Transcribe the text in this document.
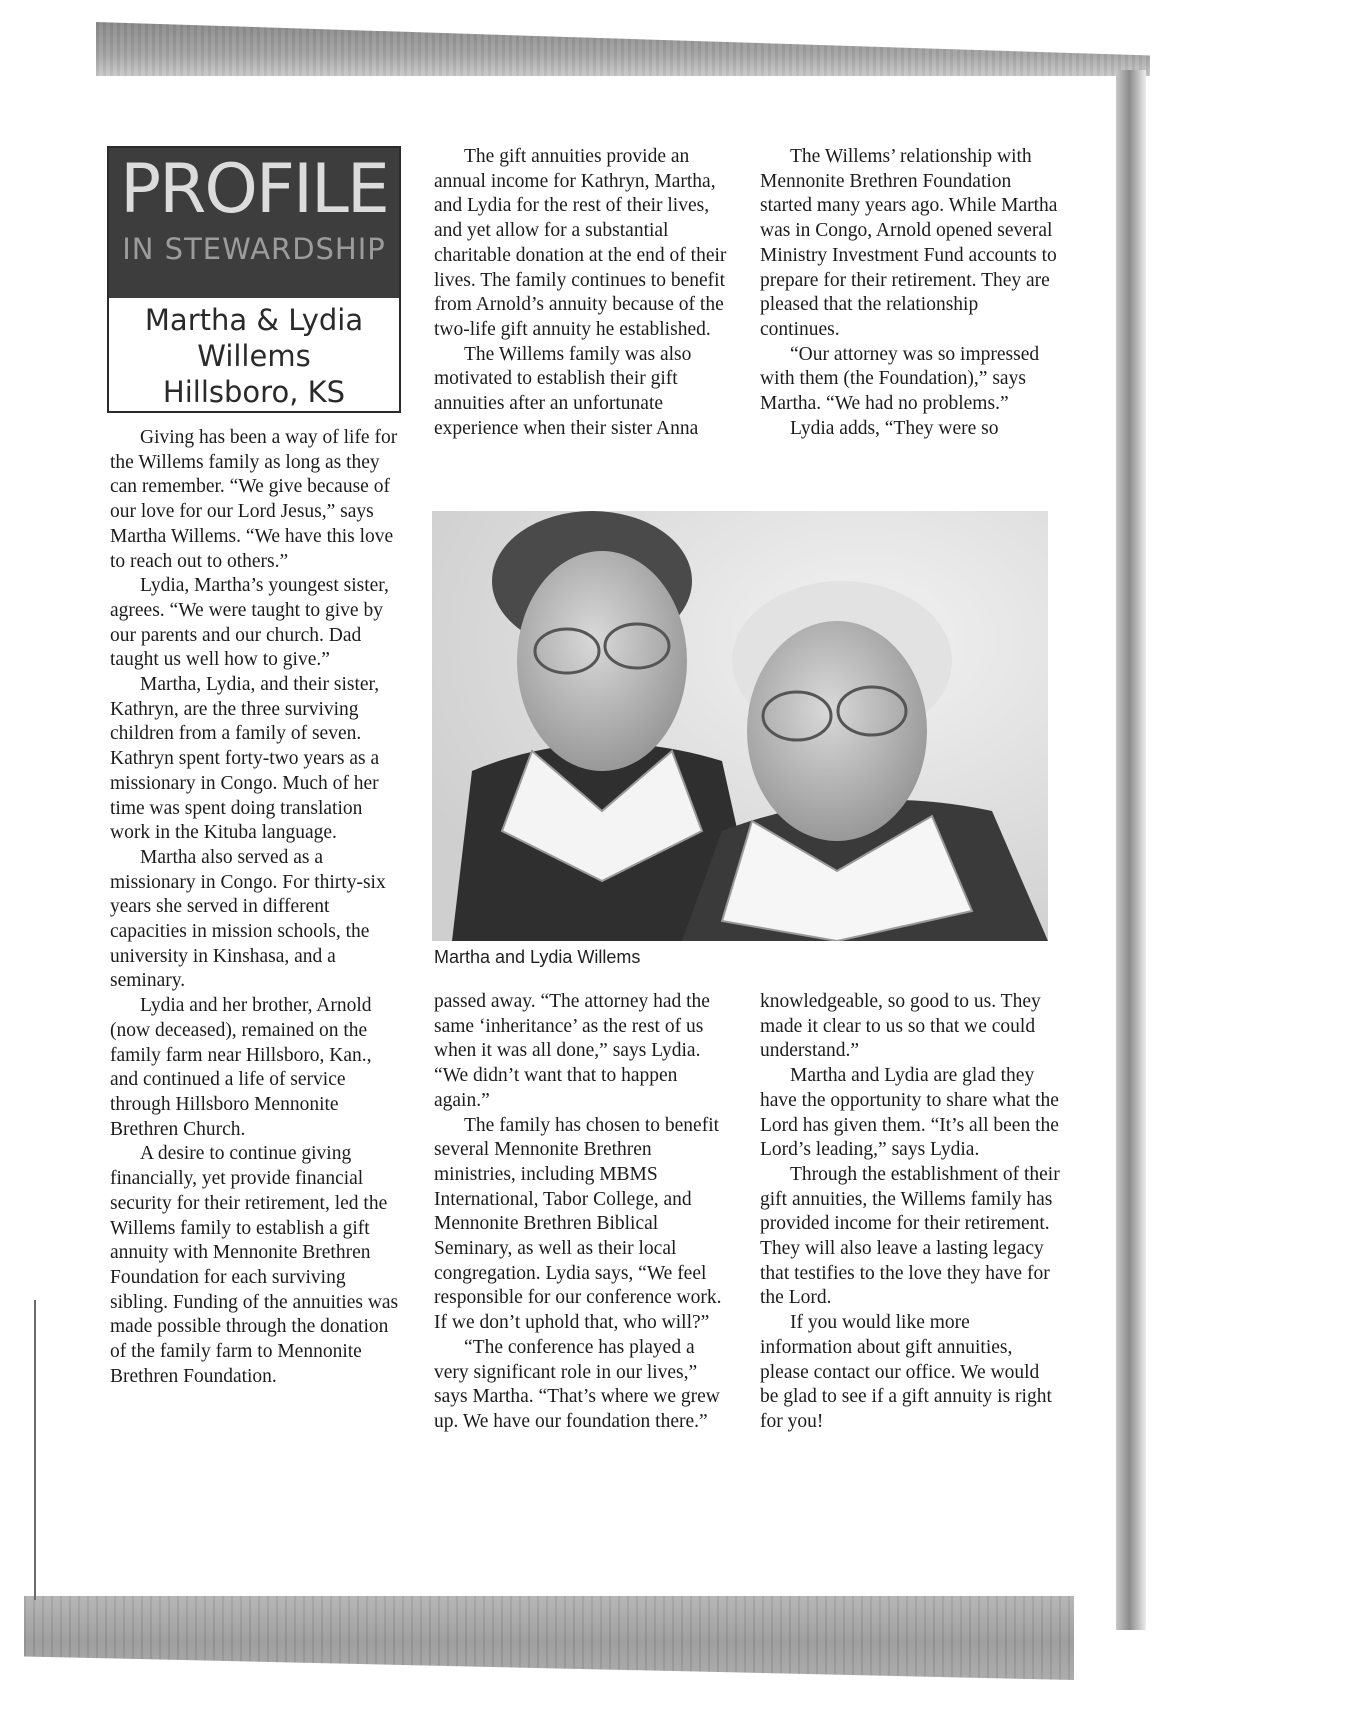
PROFILE
IN STEWARDSHIP
Martha & Lydia
Willems
Hillsboro, KS

Giving has been a way of life for the Willems family as long as they can remember. “We give because of our love for our Lord Jesus,” says Martha Willems. “We have this love to reach out to others.”

Lydia, Martha’s youngest sister, agrees. “We were taught to give by our parents and our church. Dad taught us well how to give.”

Martha, Lydia, and their sister, Kathryn, are the three surviving children from a family of seven. Kathryn spent forty-two years as a missionary in Congo. Much of her time was spent doing translation work in the Kituba language.

Martha also served as a missionary in Congo. For thirty-six years she served in different capacities in mission schools, the university in Kinshasa, and a seminary.

Lydia and her brother, Arnold (now deceased), remained on the family farm near Hillsboro, Kan., and continued a life of service through Hillsboro Mennonite Brethren Church.

A desire to continue giving financially, yet provide financial security for their retirement, led the Willems family to establish a gift annuity with Mennonite Brethren Foundation for each surviving sibling. Funding of the annuities was made possible through the donation of the family farm to Mennonite Brethren Foundation.

The gift annuities provide an annual income for Kathryn, Martha, and Lydia for the rest of their lives, and yet allow for a substantial charitable donation at the end of their lives. The family continues to benefit from Arnold’s annuity because of the two-life gift annuity he established.

The Willems family was also motivated to establish their gift annuities after an unfortunate experience when their sister Anna

The Willems’ relationship with Mennonite Brethren Foundation started many years ago. While Martha was in Congo, Arnold opened several Ministry Investment Fund accounts to prepare for their retirement. They are pleased that the relationship continues.

“Our attorney was so impressed with them (the Foundation),” says Martha. “We had no problems.”

Lydia adds, “They were so

Martha and Lydia Willems

passed away. “The attorney had the same ‘inheritance’ as the rest of us when it was all done,” says Lydia. “We didn’t want that to happen again.”

The family has chosen to benefit several Mennonite Brethren ministries, including MBMS International, Tabor College, and Mennonite Brethren Biblical Seminary, as well as their local congregation. Lydia says, “We feel responsible for our conference work. If we don’t uphold that, who will?”

“The conference has played a very significant role in our lives,” says Martha. “That’s where we grew up. We have our foundation there.”

knowledgeable, so good to us. They made it clear to us so that we could understand.”

Martha and Lydia are glad they have the opportunity to share what the Lord has given them. “It’s all been the Lord’s leading,” says Lydia.

Through the establishment of their gift annuities, the Willems family has provided income for their retirement. They will also leave a lasting legacy that testifies to the love they have for the Lord.

If you would like more information about gift annuities, please contact our office. We would be glad to see if a gift annuity is right for you!
